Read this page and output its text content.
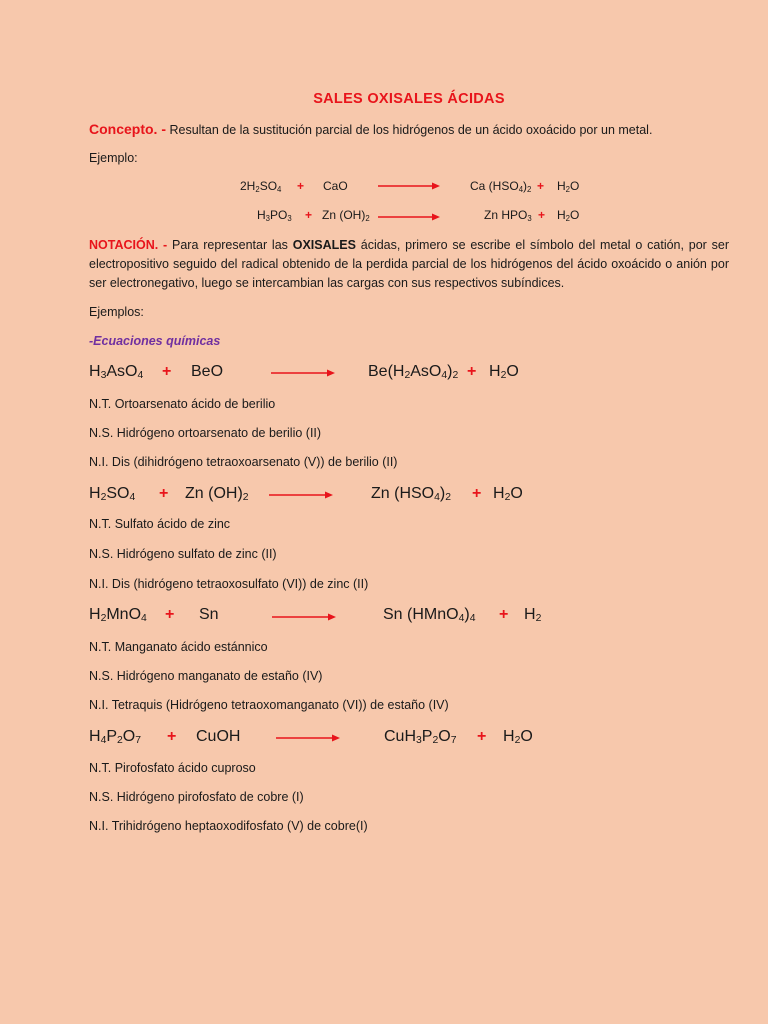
SALES OXISALES ÁCIDAS
Concepto. - Resultan de la sustitución parcial de los hidrógenos de un ácido oxoácido por un metal.
Ejemplo:
$2H_2SO_4$ + CaO	Ca $(HSO_4)_2 + H_2O$
$H_3PO_3 + Zn$ $(OH)_2$ →	Zn $HPO_3 + H_2O$
NOTACIÓN. - Para representar las OXISALES ácidas, primero se escribe el símbolo del metal o catión, por ser electropositivo seguido del radical obtenido de la perdida parcial de los hidrógenos del ácido oxoácido o anión por ser electronegativo, luego se intercambian las cargas con sus respectivos subíndices.
Ejemplos:
-Ecuaciones químicas
$H_3AsO_4$ + BeO	$Be(H_2AsO_4)_2 + H_2O$
N.T. Ortoarsenato ácido de berilio
N.S. Hidrógeno ortoarsenato de berilio (II)
N.I. Dis (dihidrógeno tetraoxoarsenato (V)) de berilio (II)
$H_2SO_4 + Zn$ $(OH)_2 \to Zn$ $(HSO_4)_2 + H_2O$
N.T. Sulfato ácido de zinc
N.S. Hidrógeno sulfato de zinc (II)
N.I. Dis (hidrógeno tetraoxosulfato (VI)) de zinc (II)
$H_2MnO_4 + Sn$	Sn $(HMnO_4)_4 + H_2$
N.T. Manganato ácido estánnico
N.S. Hidrógeno manganato de estaño (IV)
N.I. Tetraquis (Hidrógeno tetraoxomanganato (VI)) de estaño (IV)
$H_4P_2O_7$ + CuOH	$CuH_3P_2O_7 + H_2O$
N.T. Pirofosfato ácido cuproso
N.S. Hidrógeno pirofosfato de cobre (I)
N.I. Trihidrógeno heptaoxodifosfato (V) de cobre(I)
